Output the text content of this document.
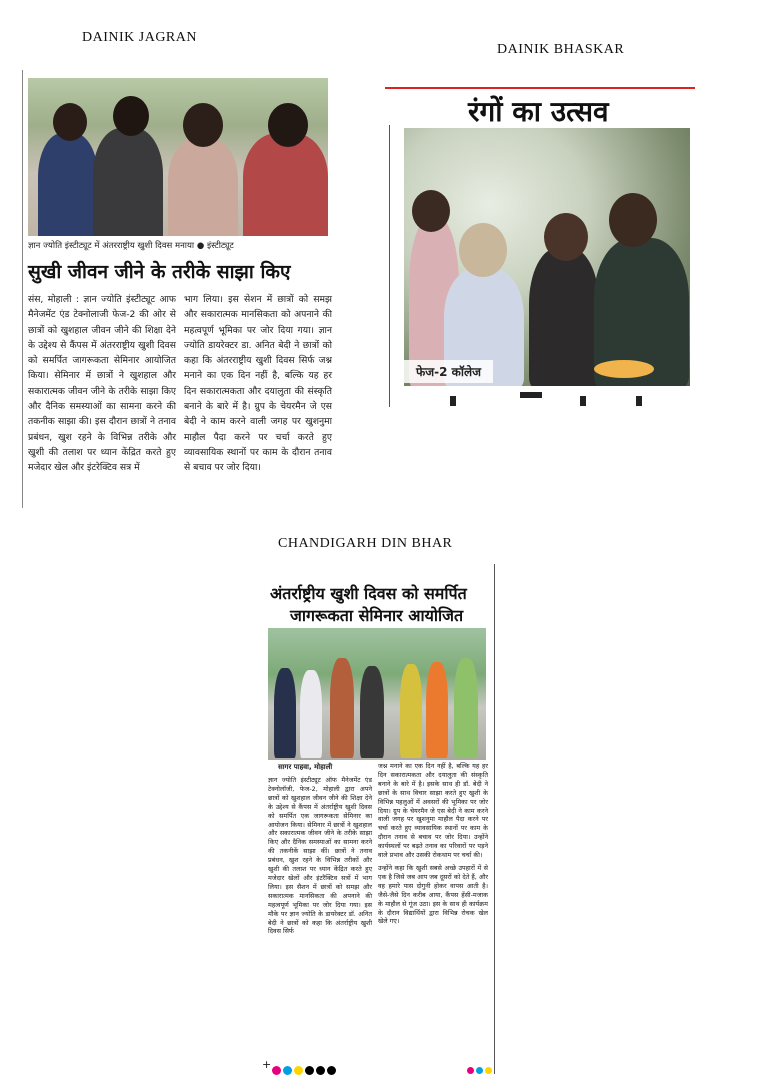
DAINIK JAGRAN
DAINIK BHASKAR
CHANDIGARH DIN BHAR
ज्ञान ज्योति इंस्टीट्यूट में अंतरराष्ट्रीय खुशी दिवस मनाया ● इंस्टीट्यूट
सुखी जीवन जीने के तरीके साझा किए

संस, मोहाली : ज्ञान ज्योति इंस्टीट्यूट आफ मैनेजमेंट एंड टेक्नोलाजी फेज-2 की ओर से छात्रों को खुशहाल जीवन जीने की शिक्षा देने के उद्देश्य से कैंपस में अंतरराष्ट्रीय खुशी दिवस को समर्पित जागरूकता सेमिनार आयोजित किया। सेमिनार में छात्रों ने खुशहाल और सकारात्मक जीवन जीने के तरीके साझा किए और दैनिक समस्याओं का सामना करने की तकनीक साझा की। इस दौरान छात्रों ने तनाव प्रबंधन, खुश रहने के विभिन्न तरीके और खुशी की तलाश पर ध्यान केंद्रित करते हुए मजेदार खेल और इंटरेक्टिव सत्र में

भाग लिया। इस सेशन में छात्रों को समझ और सकारात्मक मानसिकता को अपनाने की महत्वपूर्ण भूमिका पर जोर दिया गया। ज्ञान ज्योति डायरेक्टर डा. अनित बेदी ने छात्रों को कहा कि अंतरराष्ट्रीय खुशी दिवस सिर्फ जश्न मनाने का एक दिन नहीं है, बल्कि यह हर दिन सकारात्मकता और दयालुता की संस्कृति बनाने के बारे में है। ग्रुप के चेयरमैन जे एस बेदी ने काम करने वाली जगह पर खुशनुमा माहौल पैदा करने पर चर्चा करते हुए व्यावसायिक स्थानों पर काम के दौरान तनाव से बचाव पर जोर दिया।

रंगों का उत्सव
फेज-2 कॉलेज
अंतर्राष्ट्रीय खुशी दिवस को समर्पित
जागरूकता सेमिनार आयोजित
सागर पाहवा, मोहाली

ज्ञान ज्योति इंस्टीट्यूट ऑफ मैनेजमेंट एंड टेक्नोलॉजी, फेज-2, मोहाली द्वारा अपने छात्रों को खुशहाल जीवन जीने की शिक्षा देने के उद्देश्य से कैंपस में अंतर्राष्ट्रीय खुशी दिवस को समर्पित एक जागरूकता सेमिनार का आयोजन किया। सेमिनार में छात्रों ने खुशहाल और सकारात्मक जीवन जीने के तरीके साझा किए और दैनिक समस्याओं का सामना करने की तकनीकें साझा कीं। छात्रों ने तनाव प्रबंधन, खुश रहने के विभिन्न तरीकों और खुशी की तलाश पर ध्यान केंद्रित करते हुए मजेदार खेलों और इंटरैक्टिव सत्रों में भाग लिया। इस सैशन में छात्रों को समझ और सकारात्मक मानसिकता की अपनाने की महत्वपूर्ण भूमिका पर जोर दिया गया। इस मौके पर ज्ञान ज्योति के डायरेक्टर डॉ. अनित बेदी ने छात्रों को कहा कि अंतर्राष्ट्रीय खुशी दिवस सिर्फ

जश्न मनाने का एक दिन नहीं है, बल्कि यह हर दिन सकारात्मकता और दयालुता की संस्कृति बनाने के बारे में है। इसके साथ ही डॉ. बेदी ने छात्रों के साथ विचार साझा करते हुए खुशी के विभिन्न पहलुओं में अवसरों की भूमिका पर जोर दिया। ग्रुप के चेयरमैन जे एस बेदी ने काम करने वाली जगह पर खुशनुमा माहौल पैदा करने पर चर्चा करते हुए व्यावसायिक स्थानों पर काम के दौरान तनाव से बचाव पर जोर दिया। उन्होंने कार्यस्थलों पर बढ़ते तनाव का परिवारों पर पड़ने वाले प्रभाव और उसकी रोकथाम पर चर्चा की।

उन्होंने कहा कि खुशी सबसे अच्छे उपहारों में से एक है जिसे जब आप जब दूसरों को देते हैं, और वह हमारे पास दोगुनी होकर वापस आती है। जैसे-जैसे दिन करीब आया, कैंपस हँसी-मजाक के माहौल से गूंज उठा। इस के साथ ही कार्यक्रम के दौरान विद्यार्थियों द्वारा विभिन्न रोचक खेल खेले गए।

+
